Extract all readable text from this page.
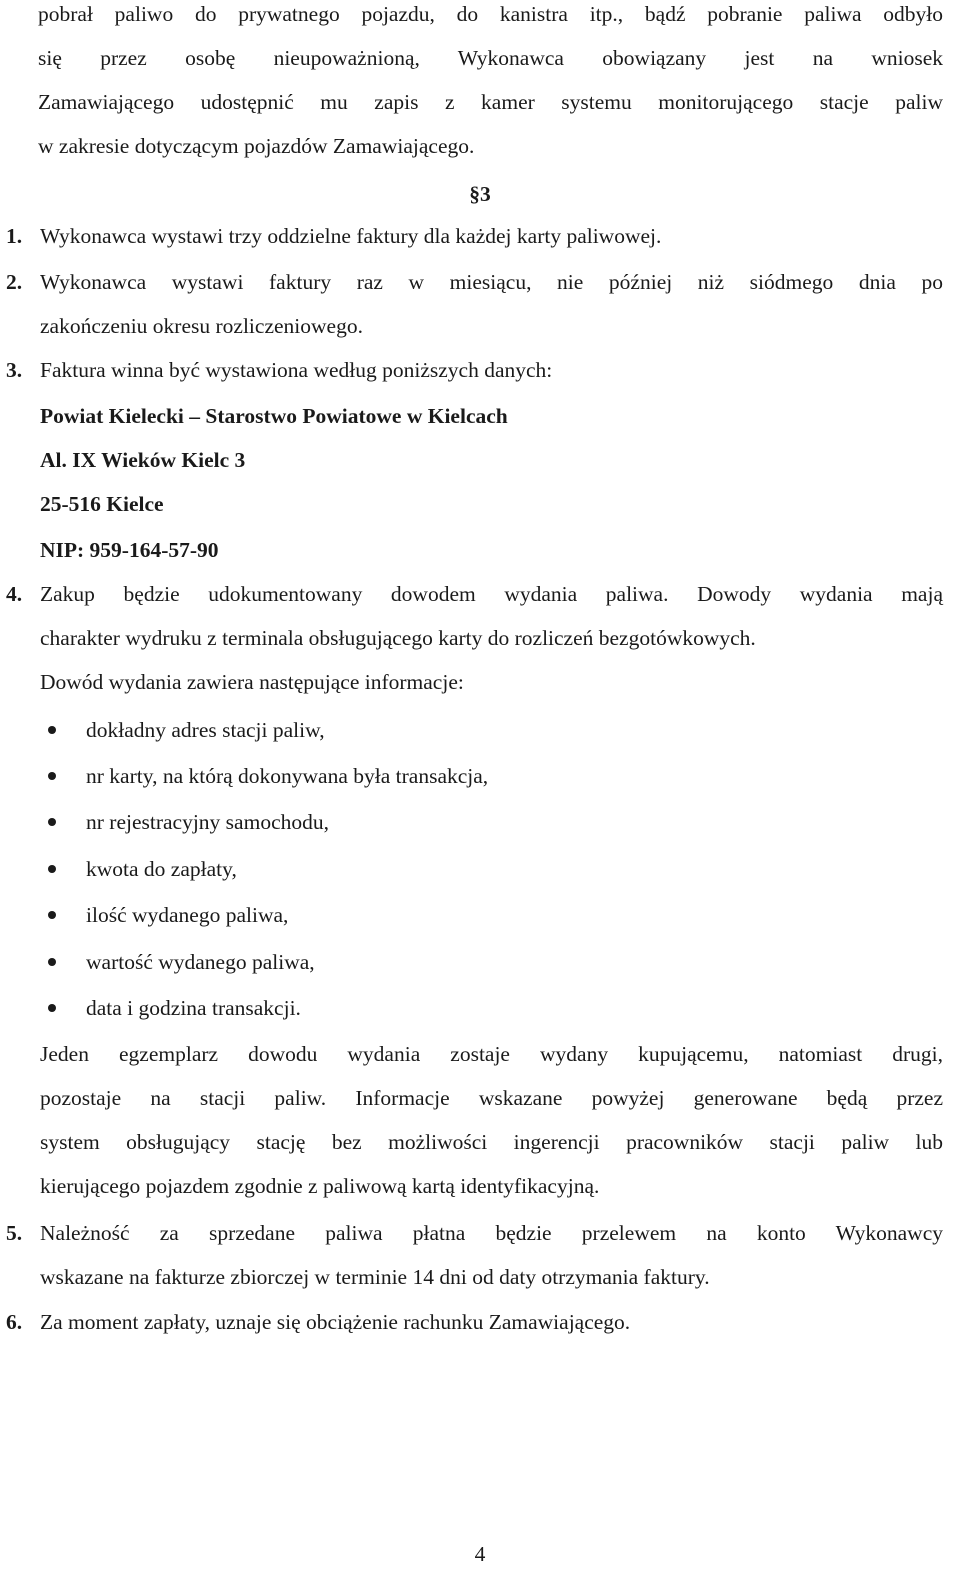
pobrał paliwo do prywatnego pojazdu, do kanistra itp., bądź pobranie paliwa odbyło
się przez osobę nieupoważnioną, Wykonawca obowiązany jest na wniosek
Zamawiającego udostępnić mu zapis z kamer systemu monitorującego stacje paliw
w zakresie dotyczącym pojazdów Zamawiającego.
§3
1. Wykonawca wystawi trzy oddzielne faktury dla każdej karty paliwowej.
2. Wykonawca wystawi faktury raz w miesiącu, nie później niż siódmego dnia po
zakończeniu okresu rozliczeniowego.
3. Faktura winna być wystawiona według poniższych danych:
Powiat Kielecki – Starostwo Powiatowe w Kielcach
Al. IX Wieków Kielc 3
25-516 Kielce
NIP: 959-164-57-90
4. Zakup będzie udokumentowany dowodem wydania paliwa. Dowody wydania mają
charakter wydruku z terminala obsługującego karty do rozliczeń bezgotówkowych.
Dowód wydania zawiera następujące informacje:
dokładny adres stacji paliw,
nr karty, na którą dokonywana była transakcja,
nr rejestracyjny samochodu,
kwota do zapłaty,
ilość wydanego paliwa,
wartość wydanego paliwa,
data i godzina transakcji.
Jeden egzemplarz dowodu wydania zostaje wydany kupującemu, natomiast drugi,
pozostaje na stacji paliw. Informacje wskazane powyżej generowane będą przez
system obsługujący stację bez możliwości ingerencji pracowników stacji paliw lub
kierującego pojazdem zgodnie z paliwową kartą identyfikacyjną.
5. Należność za sprzedane paliwa płatna będzie przelewem na konto Wykonawcy
wskazane na fakturze zbiorczej w terminie 14 dni od daty otrzymania faktury.
6. Za moment zapłaty, uznaje się obciążenie rachunku Zamawiającego.
4
